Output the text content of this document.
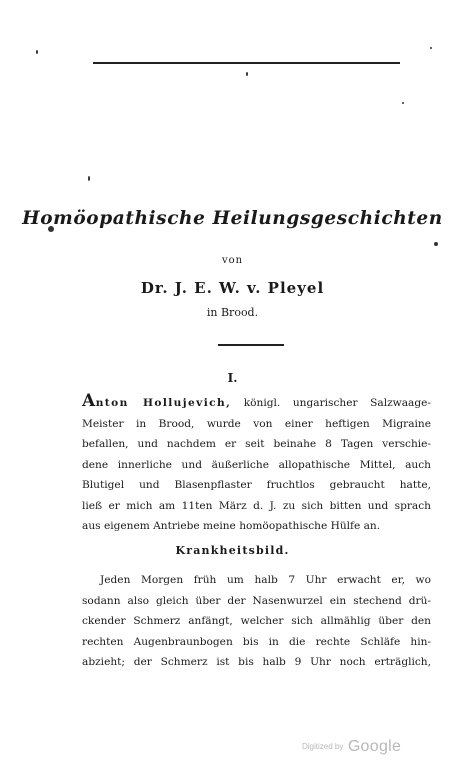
Homöopathische Heilungsgeschichten
von
Dr. J. E. W. v. Pleyel
in Brood.
I.
Anton Hollujevich, königl. ungarischer Salzwaage-
Meister in Brood, wurde von einer heftigen Migraine
befallen, und nachdem er seit beinahe 8 Tagen verschie-
dene innerliche und äußerliche allopathische Mittel, auch
Blutigel und Blasenpflaster fruchtlos gebraucht hatte,
ließ er mich am 11ten März d. J. zu sich bitten und sprach
aus eigenem Antriebe meine homöopathische Hülfe an.
Krankheitsbild.
Jeden Morgen früh um halb 7 Uhr erwacht er, wo
sodann also gleich über der Nasenwurzel ein stechend drü-
ckender Schmerz anfängt, welcher sich allmählig über den
rechten Augenbraunbogen bis in die rechte Schläfe hin-
abzieht; der Schmerz ist bis halb 9 Uhr noch erträglich,
Digitized by Google
